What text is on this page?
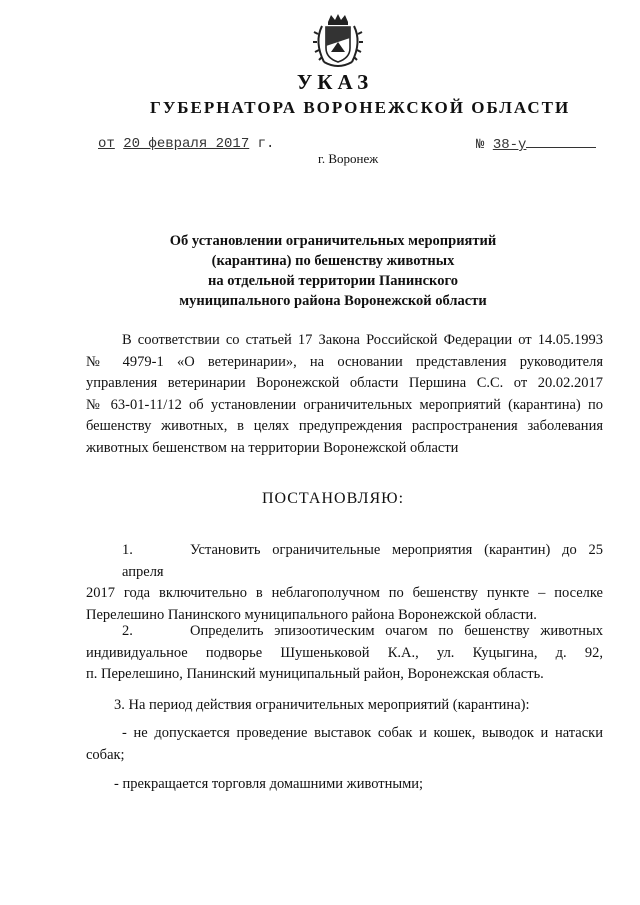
УКАЗ
ГУБЕРНАТОРА ВОРОНЕЖСКОЙ ОБЛАСТИ
от 20 февраля 2017 г.	№ 38-у
г. Воронеж
Об установлении ограничительных мероприятий
(карантина) по бешенству животных
на отдельной территории Панинского
муниципального района Воронежской области
В соответствии со статьей 17 Закона Российской Федерации от 14.05.1993
№ 4979-1 «О ветеринарии», на основании представления руководителя
управления ветеринарии Воронежской области Першина С.С. от 20.02.2017
№ 63-01-11/12 об установлении ограничительных мероприятий (карантина) по
бешенству животных, в целях предупреждения распространения заболевания
животных бешенством на территории Воронежской области
ПОСТАНОВЛЯЮ:
1.	Установить ограничительные мероприятия (карантин) до 25 апреля
2017 года включительно в неблагополучном по бешенству пункте – поселке
Перелешино Панинского муниципального района Воронежской области.
2.	Определить эпизоотическим очагом по бешенству животных
индивидуальное подворье Шушеньковой К.А., ул. Куцыгина, д. 92,
п. Перелешино, Панинский муниципальный район, Воронежская область.
3. На период действия ограничительных мероприятий (карантина):
- не допускается проведение выставок собак и кошек, выводок и натаски
собак;
- прекращается торговля домашними животными;
